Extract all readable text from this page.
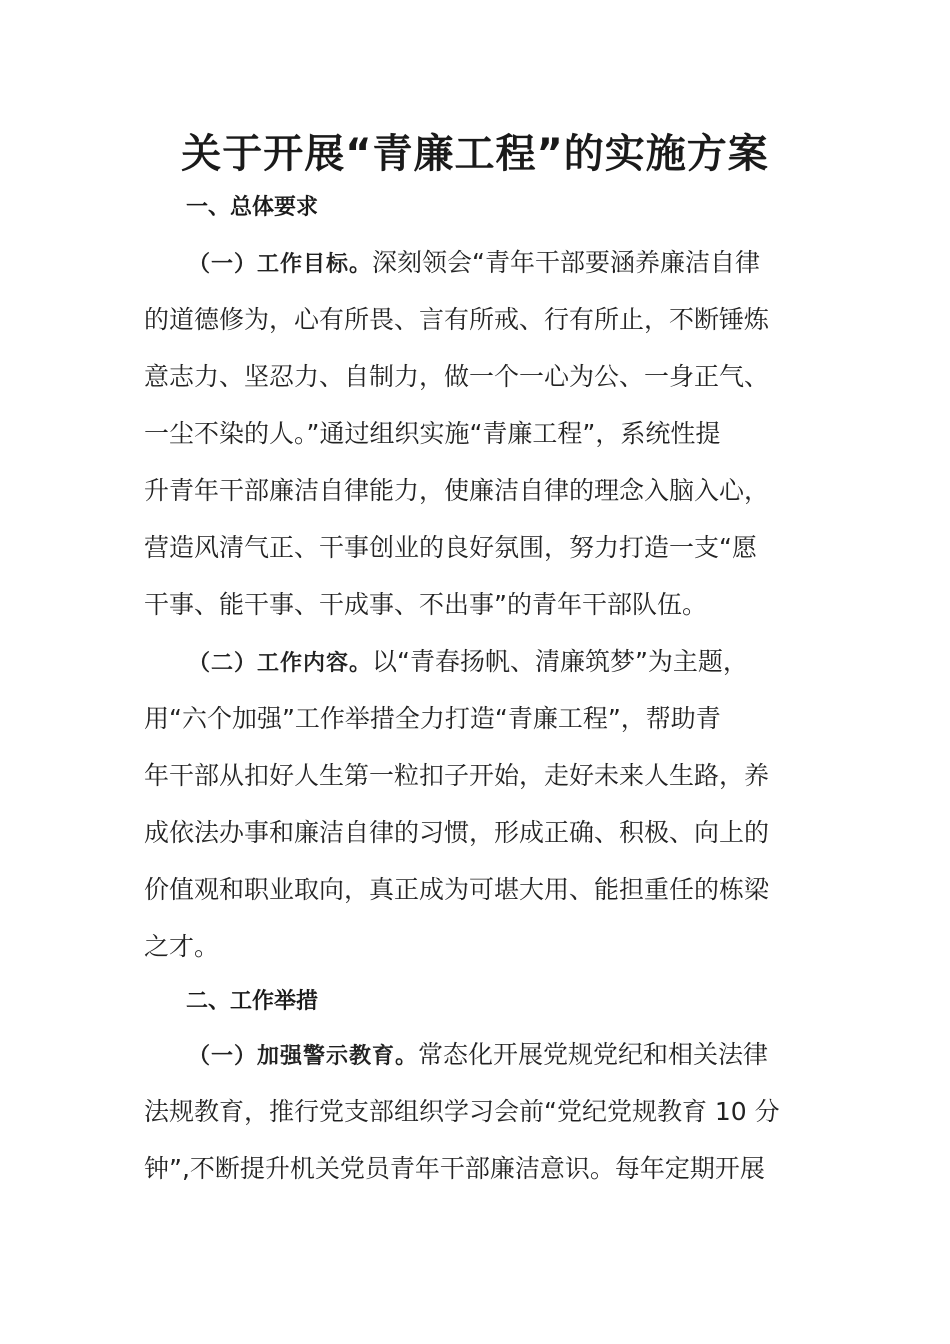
关于开展“青廉工程”的实施方案
一、总体要求
（一）工作目标。深刻领会“青年干部要涵养廉洁自律
的道德修为，心有所畏、言有所戒、行有所止，不断锤炼
意志力、坚忍力、自制力，做一个一心为公、一身正气、
一尘不染的人。”通过组织实施“青廉工程”，系统性提
升青年干部廉洁自律能力，使廉洁自律的理念入脑入心，
营造风清气正、干事创业的良好氛围，努力打造一支“愿
干事、能干事、干成事、不出事”的青年干部队伍。
（二）工作内容。以“青春扬帆、清廉筑梦”为主题，
用“六个加强”工作举措全力打造“青廉工程”，帮助青
年干部从扣好人生第一粒扣子开始，走好未来人生路，养
成依法办事和廉洁自律的习惯，形成正确、积极、向上的
价值观和职业取向，真正成为可堪大用、能担重任的栋梁
之才。
二、工作举措
（一）加强警示教育。常态化开展党规党纪和相关法律
法规教育，推行党支部组织学习会前“党纪党规教育 10 分
钟”,不断提升机关党员青年干部廉洁意识。每年定期开展
